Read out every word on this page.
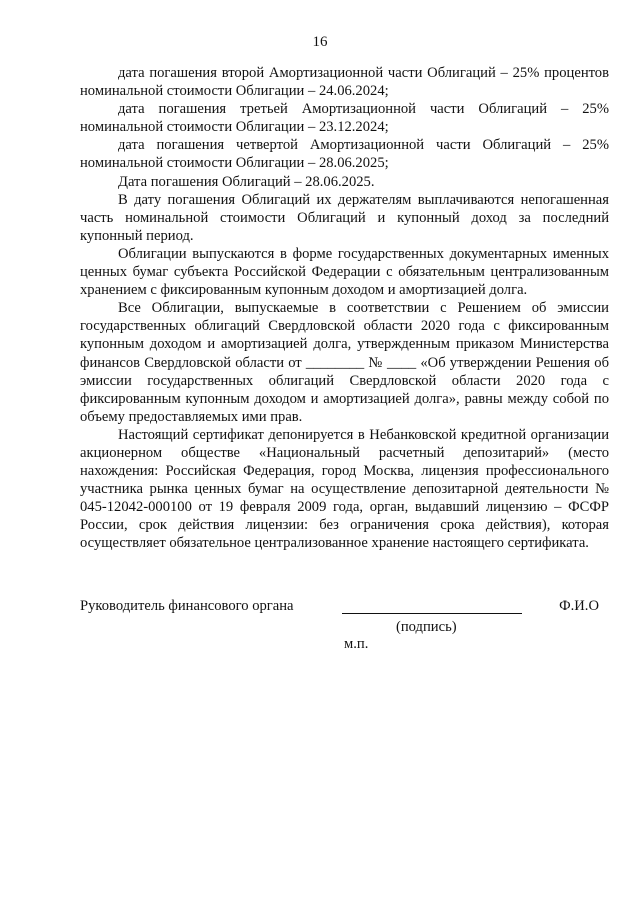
16

дата погашения второй Амортизационной части Облигаций – 25% процентов номинальной стоимости Облигации – 24.06.2024;

дата погашения третьей Амортизационной части Облигаций – 25% номинальной стоимости Облигации – 23.12.2024;

дата погашения четвертой Амортизационной части Облигаций – 25% номинальной стоимости Облигации – 28.06.2025;

Дата погашения Облигаций – 28.06.2025.

В дату погашения Облигаций их держателям выплачиваются непогашенная часть номинальной стоимости Облигаций и купонный доход за последний купонный период.

Облигации выпускаются в форме государственных документарных именных ценных бумаг субъекта Российской Федерации с обязательным централизованным хранением с фиксированным купонным доходом и амортизацией долга.

Все Облигации, выпускаемые в соответствии с Решением об эмиссии государственных облигаций Свердловской области 2020 года с фиксированным купонным доходом и амортизацией долга, утвержденным приказом Министерства финансов Свердловской области от ________ № ____ «Об утверждении Решения об эмиссии государственных облигаций Свердловской области 2020 года с фиксированным купонным доходом и амортизацией долга», равны между собой по объему предоставляемых ими прав.

Настоящий сертификат депонируется в Небанковской кредитной организации акционерном обществе «Национальный расчетный депозитарий» (место нахождения: Российская Федерация, город Москва, лицензия профессионального участника рынка ценных бумаг на осуществление депозитарной деятельности № 045-12042-000100 от 19 февраля 2009 года, орган, выдавший лицензию – ФСФР России, срок действия лицензии: без ограничения срока действия), которая осуществляет обязательное централизованное хранение настоящего сертификата.

Руководитель финансового органа	Ф.И.О
(подпись)
м.п.
